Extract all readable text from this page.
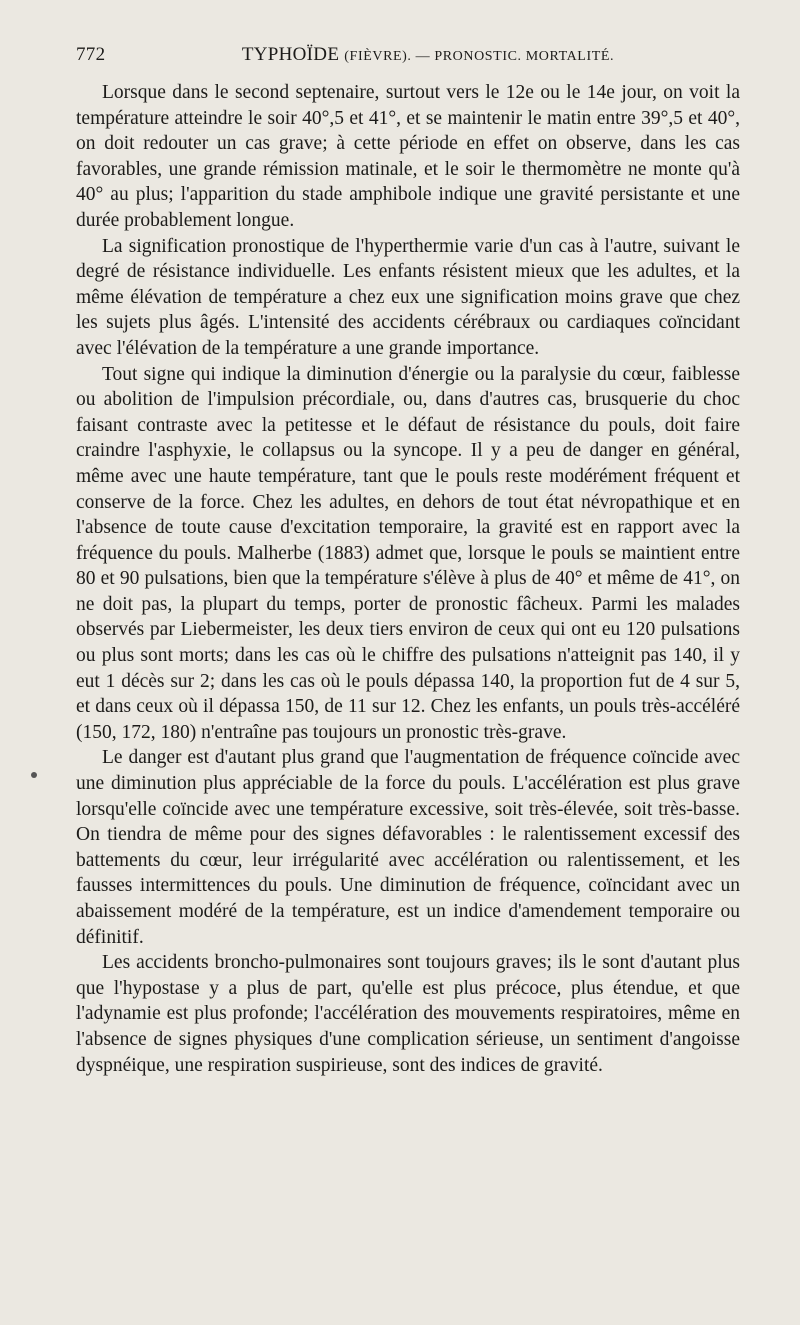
772	TYPHOÏDE (FIÈVRE). — PRONOSTIC. MORTALITÉ.

Lorsque dans le second septenaire, surtout vers le 12e ou le 14e jour, on voit la température atteindre le soir 40°,5 et 41°, et se maintenir le matin entre 39°,5 et 40°, on doit redouter un cas grave; à cette période en effet on observe, dans les cas favorables, une grande rémission matinale, et le soir le thermomètre ne monte qu'à 40° au plus; l'apparition du stade amphibole indique une gravité persistante et une durée probablement longue.

La signification pronostique de l'hyperthermie varie d'un cas à l'autre, suivant le degré de résistance individuelle. Les enfants résistent mieux que les adultes, et la même élévation de température a chez eux une signification moins grave que chez les sujets plus âgés. L'intensité des accidents cérébraux ou cardiaques coïncidant avec l'élévation de la température a une grande importance.

Tout signe qui indique la diminution d'énergie ou la paralysie du cœur, faiblesse ou abolition de l'impulsion précordiale, ou, dans d'autres cas, brusquerie du choc faisant contraste avec la petitesse et le défaut de résistance du pouls, doit faire craindre l'asphyxie, le collapsus ou la syncope. Il y a peu de danger en général, même avec une haute température, tant que le pouls reste modérément fréquent et conserve de la force. Chez les adultes, en dehors de tout état névropathique et en l'absence de toute cause d'excitation temporaire, la gravité est en rapport avec la fréquence du pouls. Malherbe (1883) admet que, lorsque le pouls se maintient entre 80 et 90 pulsations, bien que la température s'élève à plus de 40° et même de 41°, on ne doit pas, la plupart du temps, porter de pronostic fâcheux. Parmi les malades observés par Liebermeister, les deux tiers environ de ceux qui ont eu 120 pulsations ou plus sont morts; dans les cas où le chiffre des pulsations n'atteignit pas 140, il y eut 1 décès sur 2; dans les cas où le pouls dépassa 140, la proportion fut de 4 sur 5, et dans ceux où il dépassa 150, de 11 sur 12. Chez les enfants, un pouls très-accéléré (150, 172, 180) n'entraîne pas toujours un pronostic très-grave.

Le danger est d'autant plus grand que l'augmentation de fréquence coïncide avec une diminution plus appréciable de la force du pouls. L'accélération est plus grave lorsqu'elle coïncide avec une température excessive, soit très-élevée, soit très-basse. On tiendra de même pour des signes défavorables : le ralentissement excessif des battements du cœur, leur irrégularité avec accélération ou ralentissement, et les fausses intermittences du pouls. Une diminution de fréquence, coïncidant avec un abaissement modéré de la température, est un indice d'amendement temporaire ou définitif.

Les accidents broncho-pulmonaires sont toujours graves; ils le sont d'autant plus que l'hypostase y a plus de part, qu'elle est plus précoce, plus étendue, et que l'adynamie est plus profonde; l'accélération des mouvements respiratoires, même en l'absence de signes physiques d'une complication sérieuse, un sentiment d'angoisse dyspnéique, une respiration suspirieuse, sont des indices de gravité.
